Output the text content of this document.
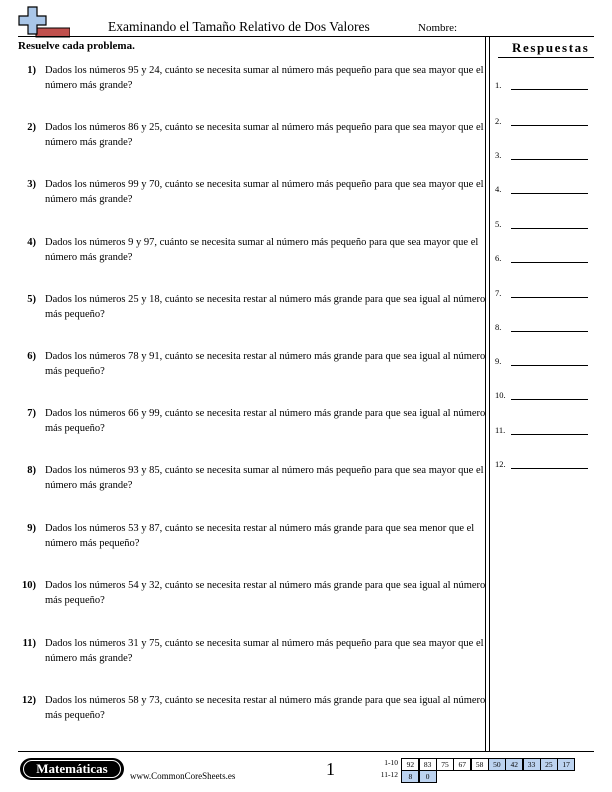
Examinando el Tamaño Relativo de Dos Valores	Nombre:
Resuelve cada problema.
1) Dados los números 95 y 24, cuánto se necesita sumar al número más pequeño para que sea mayor que el número más grande?
2) Dados los números 86 y 25, cuánto se necesita sumar al número más pequeño para que sea mayor que el número más grande?
3) Dados los números 99 y 70, cuánto se necesita sumar al número más pequeño para que sea mayor que el número más grande?
4) Dados los números 9 y 97, cuánto se necesita sumar al número más pequeño para que sea mayor que el número más grande?
5) Dados los números 25 y 18, cuánto se necesita restar al número más grande para que sea igual al número más pequeño?
6) Dados los números 78 y 91, cuánto se necesita restar al número más grande para que sea igual al número más pequeño?
7) Dados los números 66 y 99, cuánto se necesita restar al número más grande para que sea igual al número más pequeño?
8) Dados los números 93 y 85, cuánto se necesita sumar al número más pequeño para que sea mayor que el número más grande?
9) Dados los números 53 y 87, cuánto se necesita restar al número más grande para que sea menor que el número más pequeño?
10) Dados los números 54 y 32, cuánto se necesita restar al número más grande para que sea igual al número más pequeño?
11) Dados los números 31 y 75, cuánto se necesita sumar al número más pequeño para que sea mayor que el número más grande?
12) Dados los números 58 y 73, cuánto se necesita restar al número más grande para que sea igual al número más pequeño?
Respuestas
1.
2.
3.
4.
5.
6.
7.
8.
9.
10.
11.
12.
Matemáticas	www.CommonCoreSheets.es	1	1-10	92	83	75	67	58	50	42	33	25	17
11-12	8	0
